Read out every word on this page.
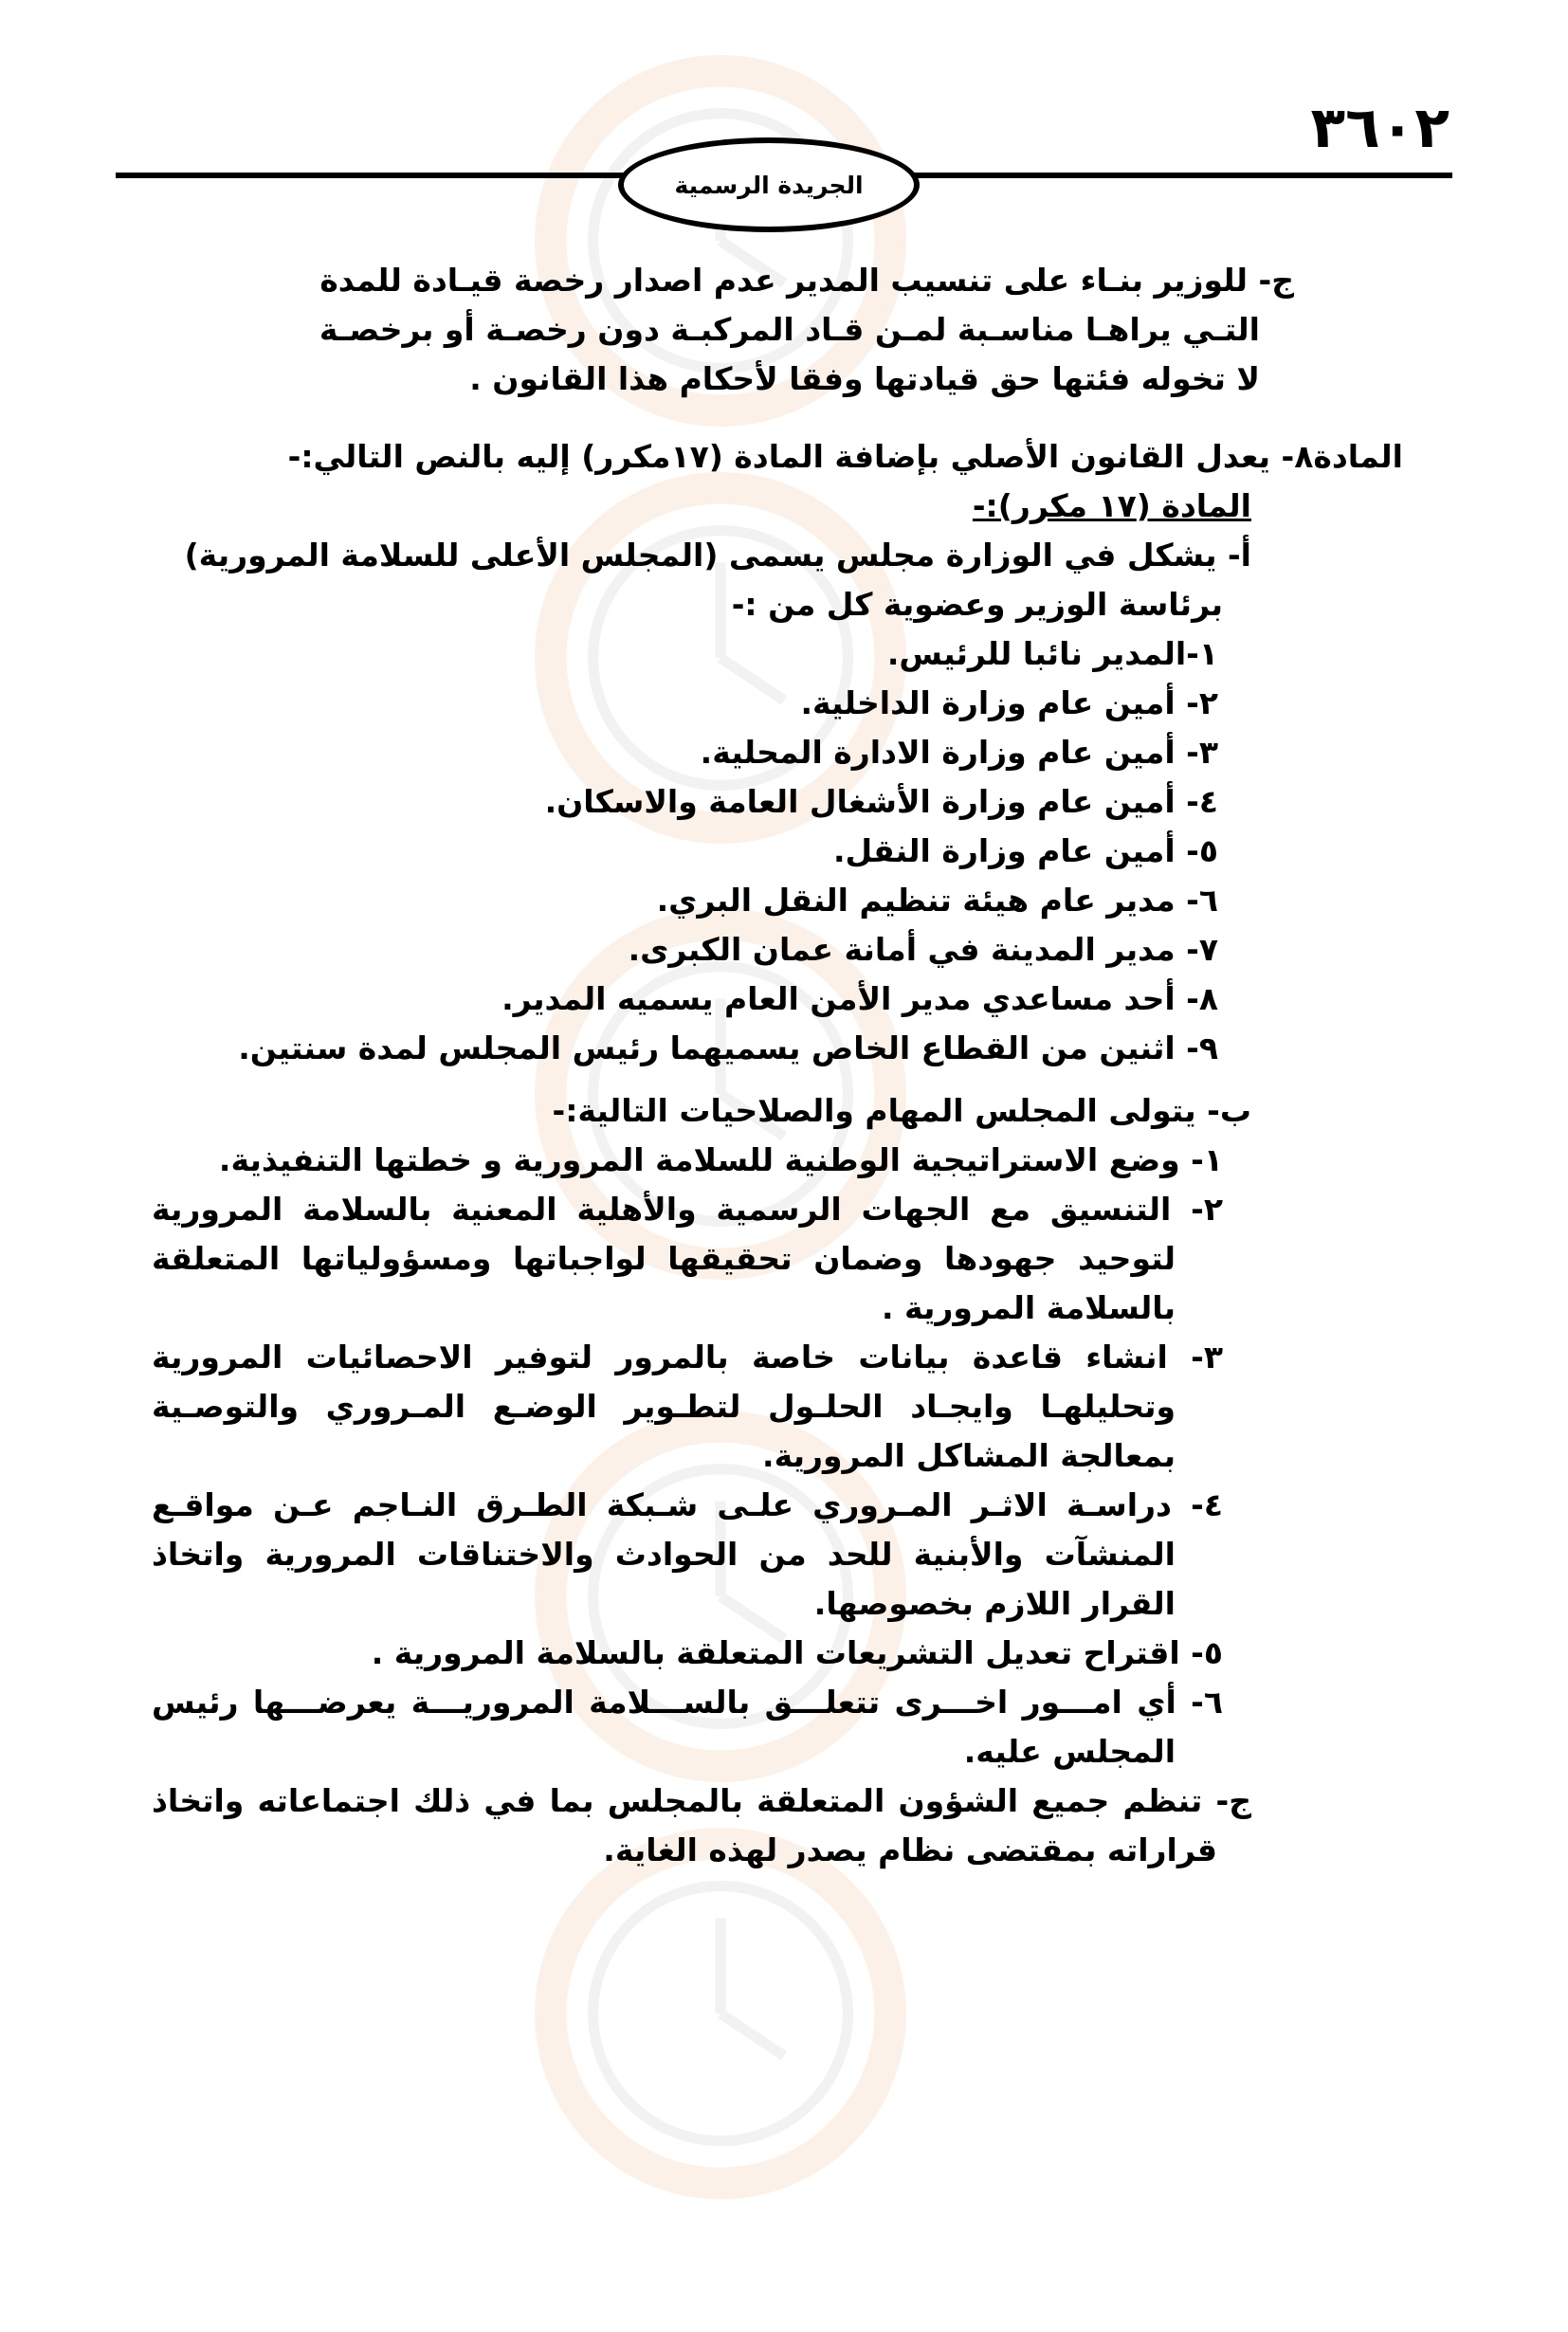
٣٦٠٢
الجريدة الرسمية
ج- للوزير بنـاء على تنسيب المدير عدم اصدار رخصة قيـادة للمدة
التـي يراهـا مناسـبة لمـن قـاد المركبـة دون رخصـة أو برخصـة
لا تخوله فئتها حق قيادتها وفقا لأحكام هذا القانون .

المادة٨- يعدل القانون الأصلي بإضافة المادة (١٧مكرر) إليه بالنص التالي:-

المادة (١٧ مكرر):-

أ- يشكل في الوزارة مجلس يسمى (المجلس الأعلى للسلامة المرورية)

برئاسة الوزير وعضوية كل من :-

١-المدير نائبا للرئيس.

٢- أمين عام وزارة الداخلية.

٣- أمين عام وزارة الادارة المحلية.

٤- أمين عام وزارة الأشغال العامة والاسكان.

٥- أمين عام وزارة النقل.

٦- مدير عام هيئة تنظيم النقل البري.

٧- مدير المدينة في أمانة عمان الكبرى.

٨- أحد مساعدي مدير الأمن العام يسميه المدير.

٩- اثنين من القطاع الخاص يسميهما رئيس المجلس لمدة سنتين.

ب- يتولى المجلس المهام والصلاحيات التالية:-

١- وضع الاستراتيجية الوطنية للسلامة المرورية و خطتها التنفيذية.

٢- التنسيق مع الجهات الرسمية والأهلية المعنية بالسلامة المرورية لتوحيد جهودها وضمان تحقيقها لواجباتها ومسؤولياتها المتعلقة بالسلامة المرورية .

٣- انشاء قاعدة بيانات خاصة بالمرور لتوفير الاحصائيات المرورية وتحليلهـا وايجـاد الحلـول لتطـوير الوضـع المـروري والتوصـية بمعالجة المشاكل المرورية.

٤- دراسـة الاثـر المـروري علـى شـبكة الطـرق النـاجم عـن مواقـع المنشآت والأبنية للحد من الحوادث والاختناقات المرورية واتخاذ القرار اللازم بخصوصها.

٥- اقتراح تعديل التشريعات المتعلقة بالسلامة المرورية .

٦- أي امـــور اخـــرى تتعلـــق بالســـلامة المروريـــة يعرضـــها رئيس المجلس عليه.

ج- تنظم جميع الشؤون المتعلقة بالمجلس بما في ذلك اجتماعاته واتخاذ قراراته بمقتضى نظام يصدر لهذه الغاية.
